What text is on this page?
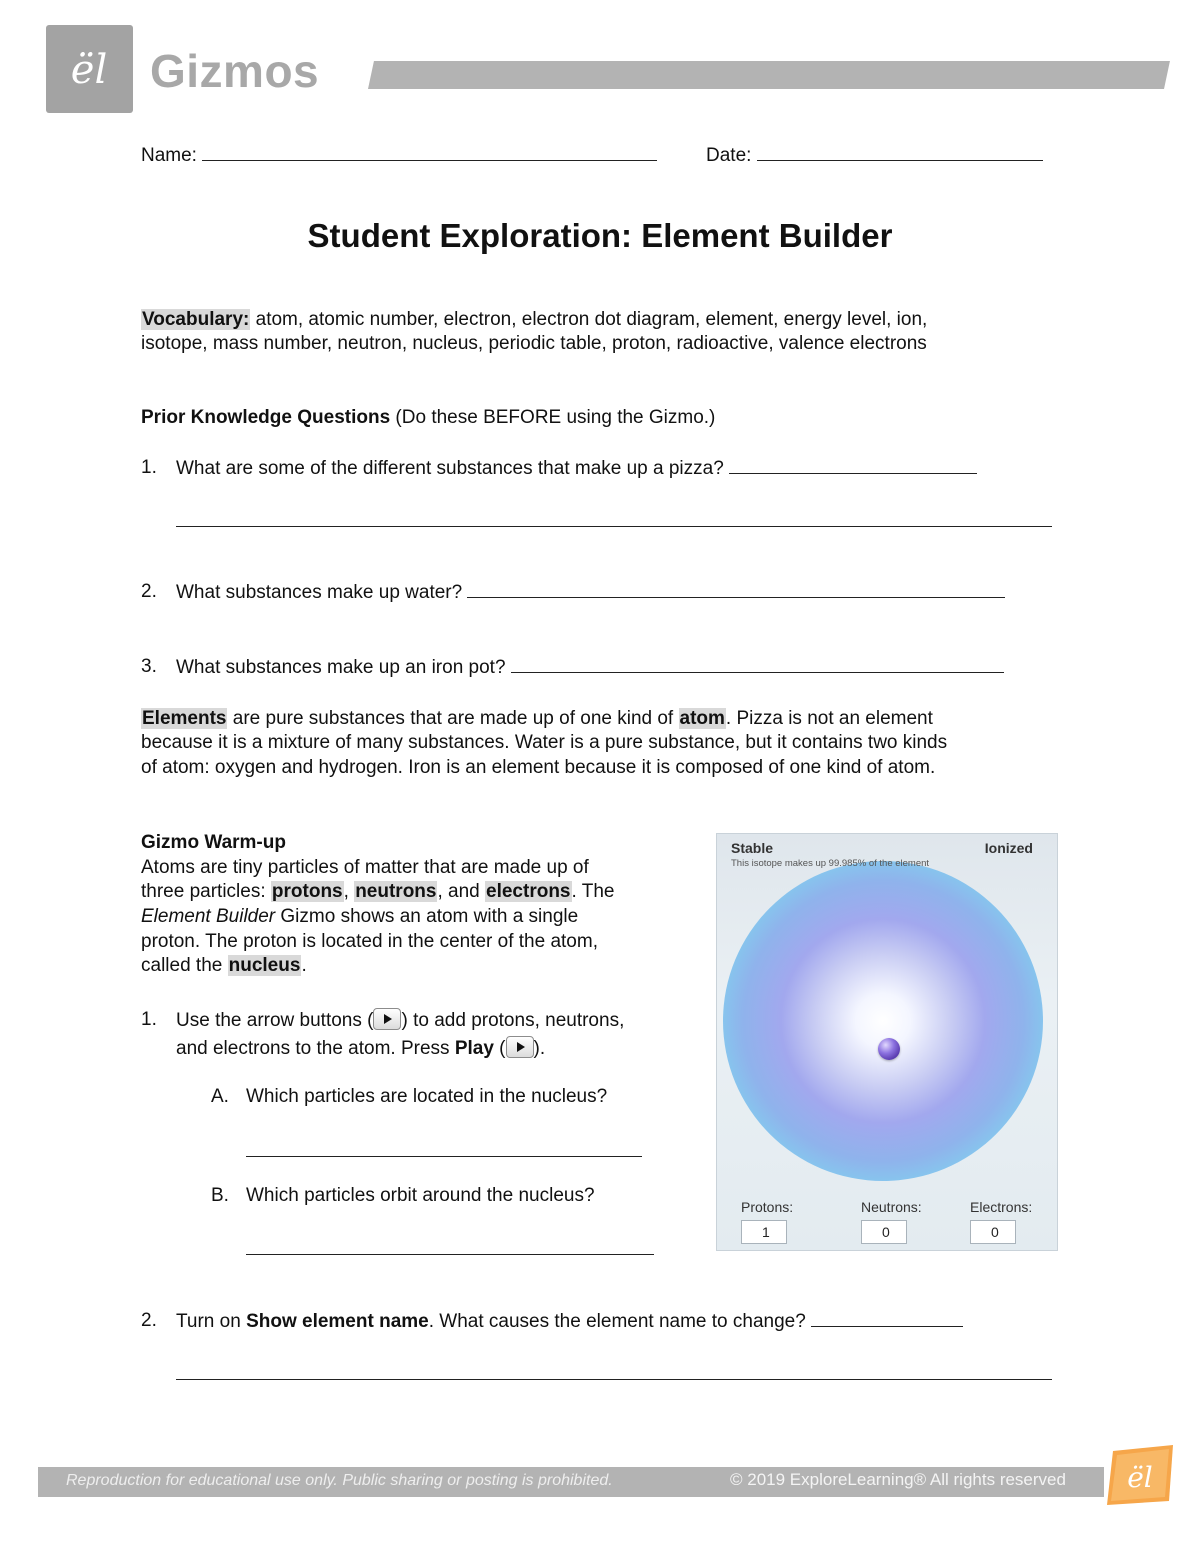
ël Gizmos
Name:	Date:
Student Exploration: Element Builder
Vocabulary: atom, atomic number, electron, electron dot diagram, element, energy level, ion,
isotope, mass number, neutron, nucleus, periodic table, proton, radioactive, valence electrons
Prior Knowledge Questions (Do these BEFORE using the Gizmo.)
1. What are some of the different substances that make up a pizza?
2. What substances make up water?
3. What substances make up an iron pot?
Elements are pure substances that are made up of one kind of atom. Pizza is not an element
because it is a mixture of many substances. Water is a pure substance, but it contains two kinds
of atom: oxygen and hydrogen. Iron is an element because it is composed of one kind of atom.
Gizmo Warm-up
Atoms are tiny particles of matter that are made up of
three particles: protons, neutrons, and electrons. The
Element Builder Gizmo shows an atom with a single
proton. The proton is located in the center of the atom,
called the nucleus.
1. Use the arrow buttons ( ) to add protons, neutrons,
and electrons to the atom. Press Play ( ).
A. Which particles are located in the nucleus?
B. Which particles orbit around the nucleus?
2. Turn on Show element name. What causes the element name to change?
Stable	Ionized
This isotope makes up 99.985% of the element
Protons:	Neutrons:	Electrons:
1	0	0
Reproduction for educational use only. Public sharing or posting is prohibited.	© 2019 ExploreLearning® All rights reserved ël
